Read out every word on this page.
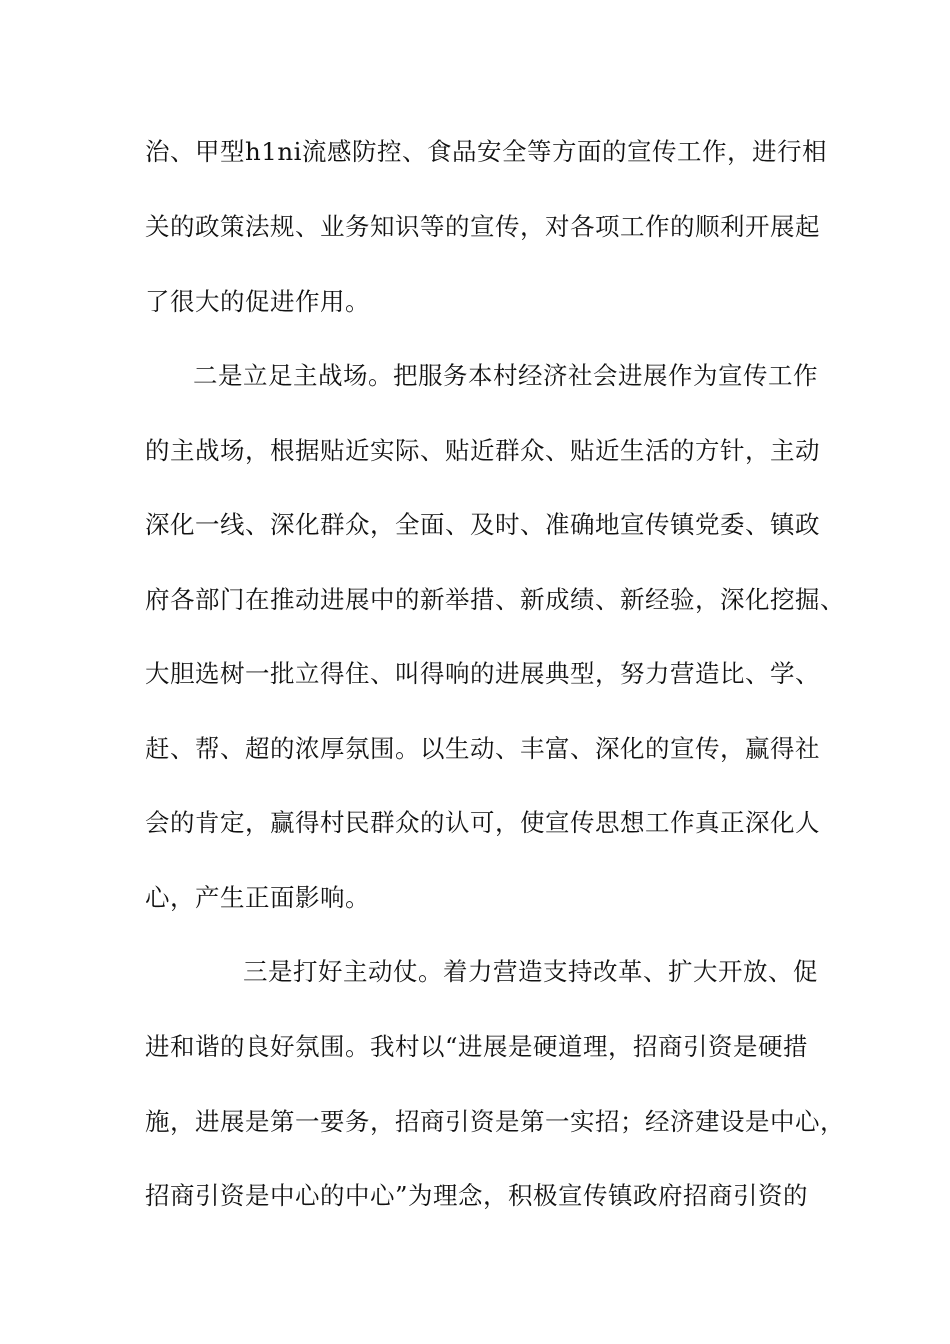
治、甲型h1ni流感防控、食品安全等方面的宣传工作，进行相
关的政策法规、业务知识等的宣传，对各项工作的顺利开展起
了很大的促进作用。
二是立足主战场。把服务本村经济社会进展作为宣传工作
的主战场，根据贴近实际、贴近群众、贴近生活的方针，主动
深化一线、深化群众，全面、及时、准确地宣传镇党委、镇政
府各部门在推动进展中的新举措、新成绩、新经验，深化挖掘、
大胆选树一批立得住、叫得响的进展典型，努力营造比、学、
赶、帮、超的浓厚氛围。以生动、丰富、深化的宣传，赢得社
会的肯定，赢得村民群众的认可，使宣传思想工作真正深化人
心，产生正面影响。
三是打好主动仗。着力营造支持改革、扩大开放、促
进和谐的良好氛围。我村以“进展是硬道理，招商引资是硬措
施，进展是第一要务，招商引资是第一实招；经济建设是中心，
招商引资是中心的中心”为理念，积极宣传镇政府招商引资的
